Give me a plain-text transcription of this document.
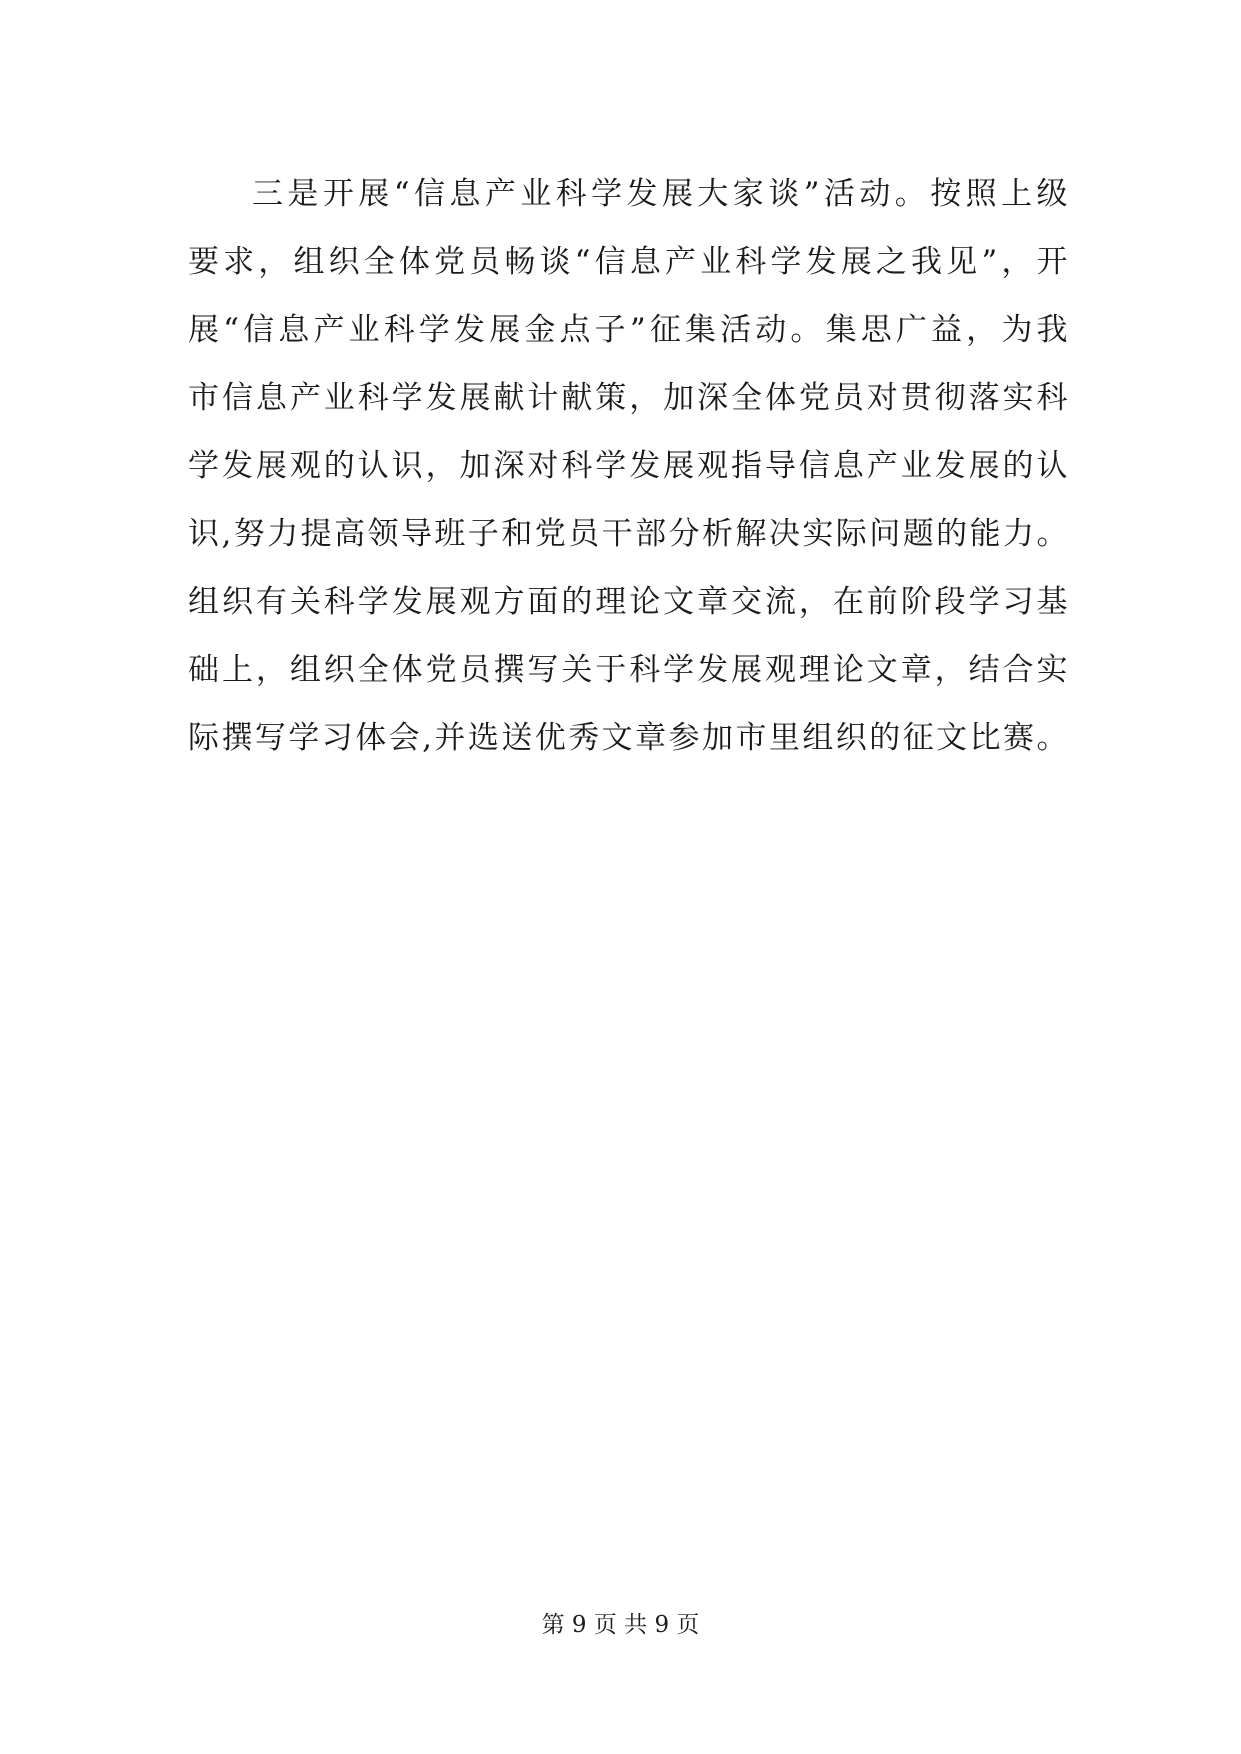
三是开展“信息产业科学发展大家谈”活动。按照上级
要求，组织全体党员畅谈“信息产业科学发展之我见”，开
展“信息产业科学发展金点子”征集活动。集思广益，为我
市信息产业科学发展献计献策，加深全体党员对贯彻落实科
学发展观的认识，加深对科学发展观指导信息产业发展的认
识,努力提高领导班子和党员干部分析解决实际问题的能力。
组织有关科学发展观方面的理论文章交流，在前阶段学习基
础上，组织全体党员撰写关于科学发展观理论文章，结合实
际撰写学习体会,并选送优秀文章参加市里组织的征文比赛。
第 9 页 共 9 页
